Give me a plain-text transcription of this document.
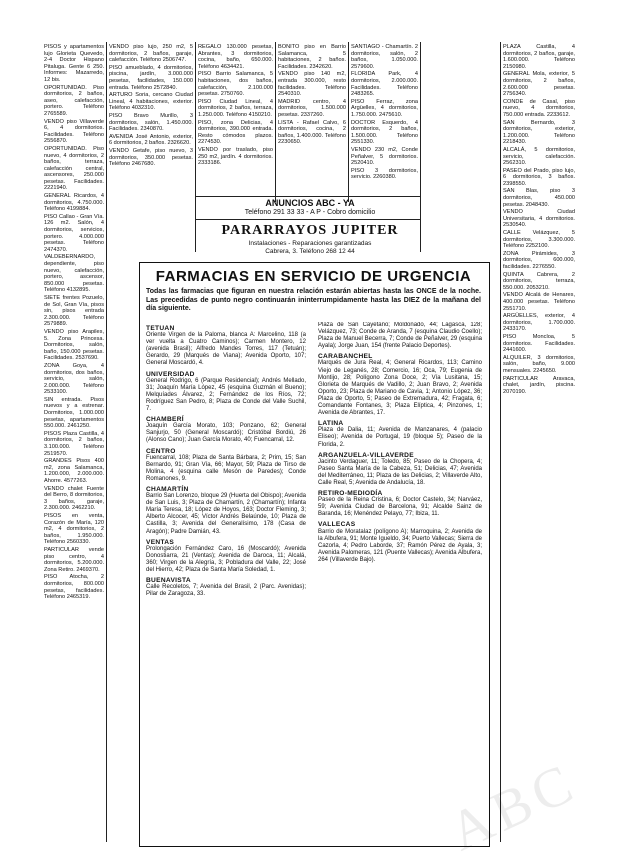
PISOS y apartamentos lujo Glorieta Quevedo, 2-4 Doctor Hispano Pitaluga. Gente 6 250. Informes: Mazarredo, 12 bis.

OPORTUNIDAD. Piso dormitorios, 2 baños, aseo, calefacción, portero. Teléfono 2765589.

VENDO piso Villaverde 6, 4 dormitorios. Facilidades. Teléfono 2556870.

OPORTUNIDAD. Piso nuevo, 4 dormitorios, 2 baños, terraza, calefacción central, ascensores, 250.000 pesetas. Facilidades. 2221940.

GENERAL Ricardos, 4 dormitorios, 4.750.000. Teléfono 4199884.

PISO Callao - Gran Vía. 126 m2. Salón, 4 dormitorios, servicios, portero. 4.000.000 pesetas. Teléfono 2474370.

VALDEBERNARDO, dependiente, piso nuevo, calefacción, portero, ascensor, 850.000 pesetas. Teléfono 4132895.

SIETE frentes Pozuelo, de Sol, Gran Vía, pisos sin, pisos entrada 2.300.000. Teléfono 2579889.

VENDO piso Arapiles, 5. Zona Princesa. Dormitorios, salón, baño, 150.000 pesetas. Facilidades. 2537690.

ZONA Goya, 4 dormitorios, dos baños, servicio, salón, 2.000.000. Teléfono 2533100.

SIN entrada. Pisos nuevos y a estrenar. Dormitorios, 1.000.000 pesetas, apartamentos 550.000. 2461250.

PISOS Plaza Castilla, 4 dormitorios, 2 baños, 3.100.000. Teléfono 2519570.

GRANDES Pisos 400 m2, zona Salamanca, 1.200.000, 2.000.000. Ahorre. 4577263.

VENDO chalet Fuente del Berro, 8 dormitorios, 3 baños, garaje, 2.300.000. 2462210.

PISOS en venta, Corazón de María, 120 m2, 4 dormitorios, 2 baños, 1.950.000. Teléfono 2560330.

PARTICULAR vende piso centro, 4 dormitorios, 5.200.000. Zona Retiro. 2469370.

PISO Atocha, 2 dormitorios, 800.000 pesetas, facilidades. Teléfono 2465319.

VENDO piso lujo, 250 m2, 5 dormitorios, 2 baños, garaje, calefacción. Teléfono 2506747.

PISO amueblado, 4 dormitorios, piscina, jardín, 3.000.000 pesetas, facilidades, 150.000 entrada. Teléfono 2572840.

ARTURO Soria, cercano Ciudad Lineal, 4 habitaciones, exterior. Teléfono 4032310.

PISO Bravo Murillo, 3 dormitorios, salón, 1.450.000. Facilidades. 2340870.

AVENIDA José Antonio, exterior, 6 dormitorios, 2 baños. 2326620.

VENDO Getafe, piso nuevo, 3 dormitorios, 350.000 pesetas. Teléfono 2467680.

REGALO 130.000 pesetas, Abrantes, 3 dormitorios, cocina, baño, 650.000. Teléfono 4634421.

PISO Barrio Salamanca, 5 habitaciones, dos baños, calefacción, 2.100.000 pesetas. 2750760.

PISO Ciudad Lineal, 4 dormitorios, 2 baños, terraza, 1.250.000. Teléfono 4150210.

PISO, zona Delicias, 4 dormitorios, 390.000 entrada. Resto cómodos plazos. 2274530.

VENDO por traslado, piso 250 m2, jardín. 4 dormitorios. 2333186.

BONITO piso en Barrio Salamanca, 5 habitaciones, 2 baños. Facilidades. 2342620.

VENDO piso 140 m2, entrada 300.000, resto facilidades. Teléfono 2540310.

MADRID centro, 4 dormitorios, 1.500.000 pesetas. 2337260.

LISTA - Rafael Calvo, 6 dormitorios, cocina, 2 baños, 1.400.000. Teléfono 2230650.

SANTIAGO - Chamartín. 2 dormitorios, salón, 2 baños, 1.050.000. 2579600.

FLORIDA Park, 4 dormitorios, 2.000.000. Facilidades. Teléfono 2483265.

PISO Ferraz, zona Argüelles, 4 dormitorios, 1.750.000. 2475610.

DOCTOR Esquerdo, 4 dormitorios, 2 baños, 1.500.000. Teléfono 2551330.

VENDO 230 m2, Conde Peñalver, 5 dormitorios. 2520410.

PISO 3 dormitorios, servicio. 2260380.

PLAZA Castilla, 4 dormitorios, 2 baños, garaje, 1.600.000. Teléfono 2150980.

GENERAL Mola, exterior, 5 dormitorios, 2 baños, 2.600.000 pesetas. 2756340.

CONDE de Casal, piso nuevo, 4 dormitorios, 750.000 entrada. 2233612.

SAN Bernardo, 3 dormitorios, exterior, 1.200.000. Teléfono 2218430.

ALCALÁ, 5 dormitorios, servicio, calefacción. 2562310.

PASEO del Prado, piso lujo, 6 dormitorios, 3 baños. 2398550.

SAN Blas, piso 3 dormitorios, 450.000 pesetas. 2048430.

VENDO Ciudad Universitaria, 4 dormitorios. 2530540.

CALLE Velázquez, 5 dormitorios, 3.300.000. Teléfono 2252100.

ZONA Pirámides, 3 dormitorios, 600.000, facilidades. 2276550.

QUINTA Cabrera, 2 dormitorios, terraza, 550.000. 2053210.

VENDO Alcalá de Henares, 400.000 pesetas. Teléfono 2551710.

ARGÜELLES, exterior, 4 dormitorios, 1.700.000. 2433170.

PISO Moncloa, 5 dormitorios. Facilidades. 2441600.

ALQUILER, 3 dormitorios, salón, baño, 9.000 mensuales. 2245650.

PARTICULAR Aravaca, chalet, jardín, piscina. 2070190.

ANUNCIOS ABC - YA
Teléfono 291 33 33 - A P - Cobro domicilio
PARARRAYOS JUPITER
Instalaciones - Reparaciones garantizadas
Cabrera, 3. Teléfono 268 12 44
FARMACIAS EN SERVICIO DE URGENCIA
Todas las farmacias que figuran en nuestra relación estarán abiertas hasta las ONCE de la noche. Las precedidas de punto negro continuarán ininterrumpidamente hasta las DIEZ de la mañana del día siguiente.
TETUAN

Oriente Virgen de la Paloma, blanca A: Marcelino, 118 (a ver vuelta a Cuatro Caminos); Carmen Montero, 12 (avenida Brasil); Alfredo Mandes Torres, 117 (Tetuán); Gerardo, 29 (Marqués de Viana); Avenida Oporto, 107; General Moscardó, 4.

UNIVERSIDAD

General Rodrigo, 6 (Parque Residencial); Andrés Mellado, 31; Joaquín María López, 45 (esquina Guzmán el Bueno); Melquíades Álvarez, 2; Fernández de los Ríos, 72; Rodríguez San Pedro, 8; Plaza de Conde del Valle Suchil, 7.

CHAMBERÍ

Joaquín García Morato, 103; Ponzano, 62; General Sanjurjo, 50 (General Moscardó); Cristóbal Bordiú, 26 (Alonso Cano); Juan García Morato, 40; Fuencarral, 12.

CENTRO

Fuencarral, 108; Plaza de Santa Bárbara, 2; Prim, 15; San Bernardo, 91; Gran Vía, 66; Mayor, 59; Plaza de Tirso de Molina, 4 (esquina calle Mesón de Paredes); Conde Romanones, 9.

CHAMARTÍN

Barrio San Lorenzo, bloque 29 (Huerta del Obispo); Avenida de San Luis, 3; Plaza de Chamartín, 2 (Chamartín); Infanta María Teresa, 18; López de Hoyos, 163; Doctor Fleming, 3; Alberto Alcocer, 45; Víctor Andrés Belaúnde, 10; Plaza de Castilla, 3; Avenida del Generalísimo, 178 (Casa de Aragón); Padre Damián, 43.

VENTAS

Prolongación Fernández Caro, 16 (Moscardó); Avenida Donostiarra, 21 (Ventas); Avenida de Daroca, 11; Alcalá, 360; Virgen de la Alegría, 3; Pobladura del Valle, 22; José del Hierro, 42; Plaza de Santa María Soledad, 1.

BUENAVISTA

Calle Recoletos, 7; Avenida del Brasil, 2 (Parc. Avenidas); Pilar de Zaragoza, 33.

Plaza de San Cayetano; Moldonado, 44; Lagasca, 128; Velázquez, 73; Conde de Aranda, 7 (esquina Claudio Coello); Plaza de Manuel Becerra, 7; Conde de Peñalver, 29 (esquina Ayala); Jorge Juan, 154 (frente Palacio Deportes).

CARABANCHEL

Marqués de Jura Real, 4; General Ricardos, 113; Camino Viejo de Leganés, 28; Comercio, 16; Oca, 79; Eugenia de Montijo, 28; Polígono Zona Doce, 2; Vía Lusitana, 15; Glorieta de Marqués de Vadillo, 2; Juan Bravo, 2; Avenida Oporto, 23; Plaza de Mariano de Cavia, 1; Antonio López, 36; Plaza de Oporto, 5; Paseo de Extremadura, 42; Fragata, 6; Comandante Fontanes, 3; Plaza Elíptica, 4; Pinzones, 1; Avenida de Abrantes, 17.

LATINA

Plaza de Dalia, 11; Avenida de Manzanares, 4 (palacio Eliseo); Avenida de Portugal, 19 (bloque 5); Paseo de la Florida, 2.

ARGANZUELA-VILLAVERDE

Jacinto Verdaguer, 11; Toledo, 85; Paseo de la Chopera, 4; Paseo Santa María de la Cabeza, 51; Delicias, 47; Avenida del Mediterráneo, 11; Plaza de las Delicias, 2; Villaverde Alto, Calle Real, 5; Avenida de Andalucía, 18.

RETIRO-MEDIODÍA

Paseo de la Reina Cristina, 6; Doctor Castelo, 34; Narváez, 59; Avenida Ciudad de Barcelona, 91; Alcalde Sainz de Baranda, 16; Menéndez Pelayo, 77; Ibiza, 11.

VALLECAS

Barrio de Moratalaz (polígono A); Marroquina, 2; Avenida de la Albufera, 91; Monte Igueldo, 34; Puerto Vallecas; Sierra de Cazorla, 4; Pedro Laborde, 37; Ramón Pérez de Ayala, 3; Avenida Palomeras, 121 (Puente Vallecas); Avenida Albufera, 264 (Villaverde Bajo).

ABC
